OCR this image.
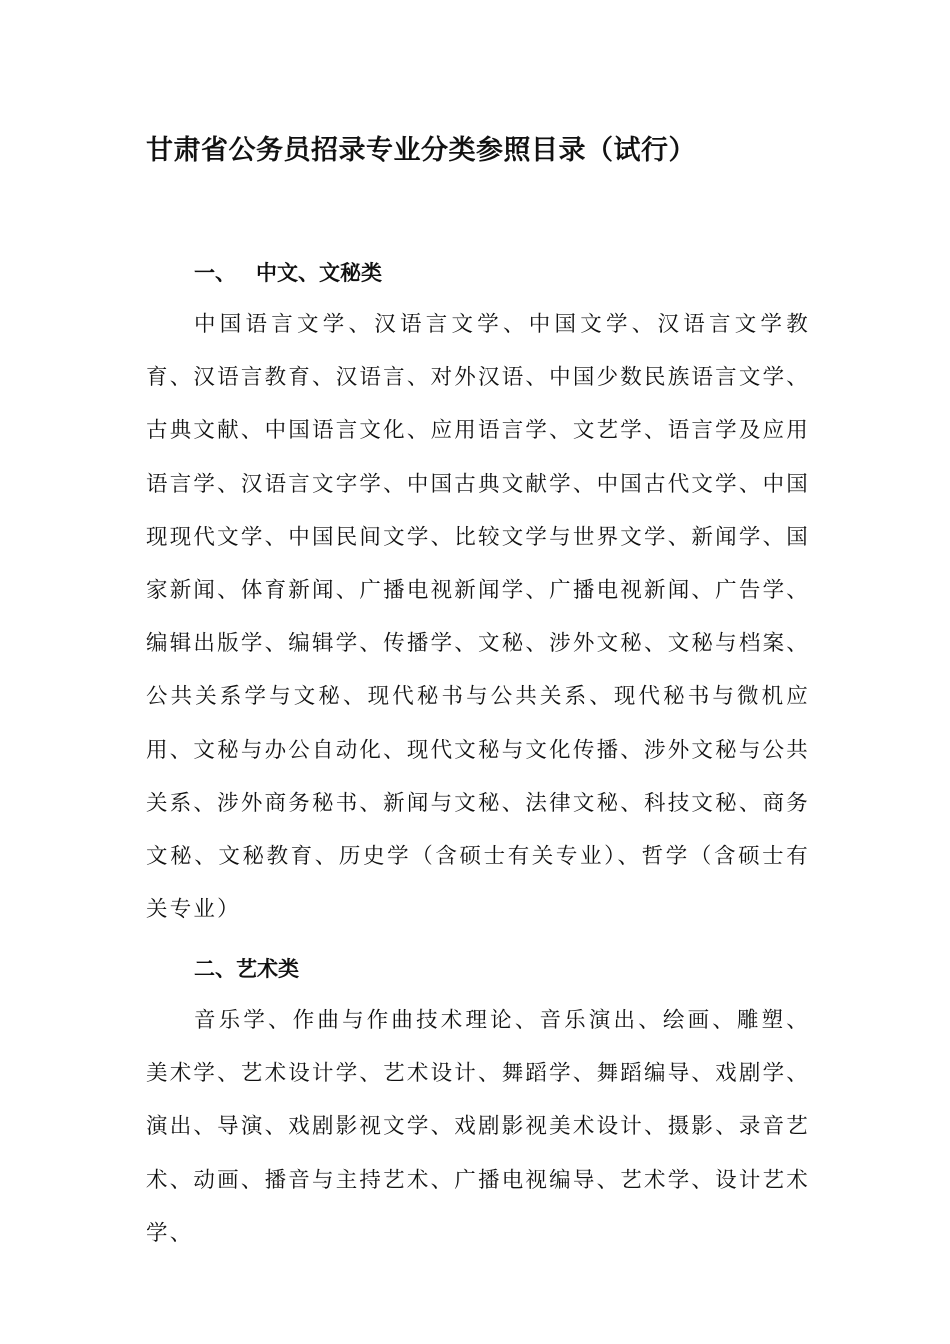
甘肃省公务员招录专业分类参照目录（试行）
一、 中文、文秘类

中国语言文学、汉语言文学、中国文学、汉语言文学教育、汉语言教育、汉语言、对外汉语、中国少数民族语言文学、古典文献、中国语言文化、应用语言学、文艺学、语言学及应用语言学、汉语言文字学、中国古典文献学、中国古代文学、中国现现代文学、中国民间文学、比较文学与世界文学、新闻学、国家新闻、体育新闻、广播电视新闻学、广播电视新闻、广告学、编辑出版学、编辑学、传播学、文秘、涉外文秘、文秘与档案、公共关系学与文秘、现代秘书与公共关系、现代秘书与微机应用、文秘与办公自动化、现代文秘与文化传播、涉外文秘与公共关系、涉外商务秘书、新闻与文秘、法律文秘、科技文秘、商务文秘、文秘教育、历史学（含硕士有关专业）、哲学（含硕士有关专业）

二、艺术类

音乐学、作曲与作曲技术理论、音乐演出、绘画、雕塑、美术学、艺术设计学、艺术设计、舞蹈学、舞蹈编导、戏剧学、演出、导演、戏剧影视文学、戏剧影视美术设计、摄影、录音艺术、动画、播音与主持艺术、广播电视编导、艺术学、设计艺术学、
